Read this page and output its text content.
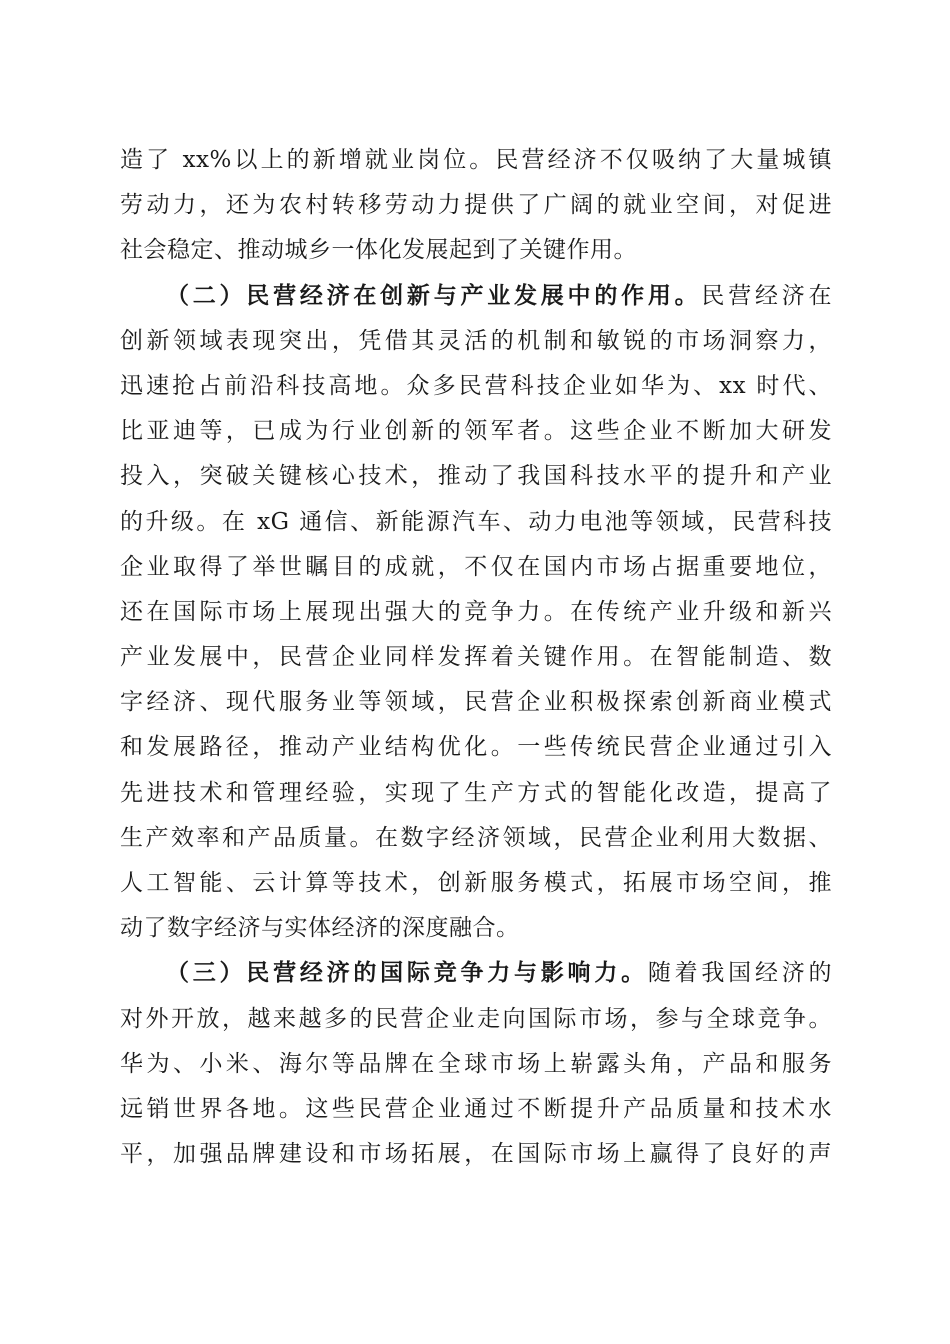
造了 xx%以上的新增就业岗位。民营经济不仅吸纳了大量城镇
劳动力，还为农村转移劳动力提供了广阔的就业空间，对促进
社会稳定、推动城乡一体化发展起到了关键作用。
（二）民营经济在创新与产业发展中的作用。民营经济在
创新领域表现突出，凭借其灵活的机制和敏锐的市场洞察力，
迅速抢占前沿科技高地。众多民营科技企业如华为、xx 时代、
比亚迪等，已成为行业创新的领军者。这些企业不断加大研发
投入，突破关键核心技术，推动了我国科技水平的提升和产业
的升级。在 xG 通信、新能源汽车、动力电池等领域，民营科技
企业取得了举世瞩目的成就，不仅在国内市场占据重要地位，
还在国际市场上展现出强大的竞争力。在传统产业升级和新兴
产业发展中，民营企业同样发挥着关键作用。在智能制造、数
字经济、现代服务业等领域，民营企业积极探索创新商业模式
和发展路径，推动产业结构优化。一些传统民营企业通过引入
先进技术和管理经验，实现了生产方式的智能化改造，提高了
生产效率和产品质量。在数字经济领域，民营企业利用大数据、
人工智能、云计算等技术，创新服务模式，拓展市场空间，推
动了数字经济与实体经济的深度融合。
（三）民营经济的国际竞争力与影响力。随着我国经济的
对外开放，越来越多的民营企业走向国际市场，参与全球竞争。
华为、小米、海尔等品牌在全球市场上崭露头角，产品和服务
远销世界各地。这些民营企业通过不断提升产品质量和技术水
平，加强品牌建设和市场拓展，在国际市场上赢得了良好的声
